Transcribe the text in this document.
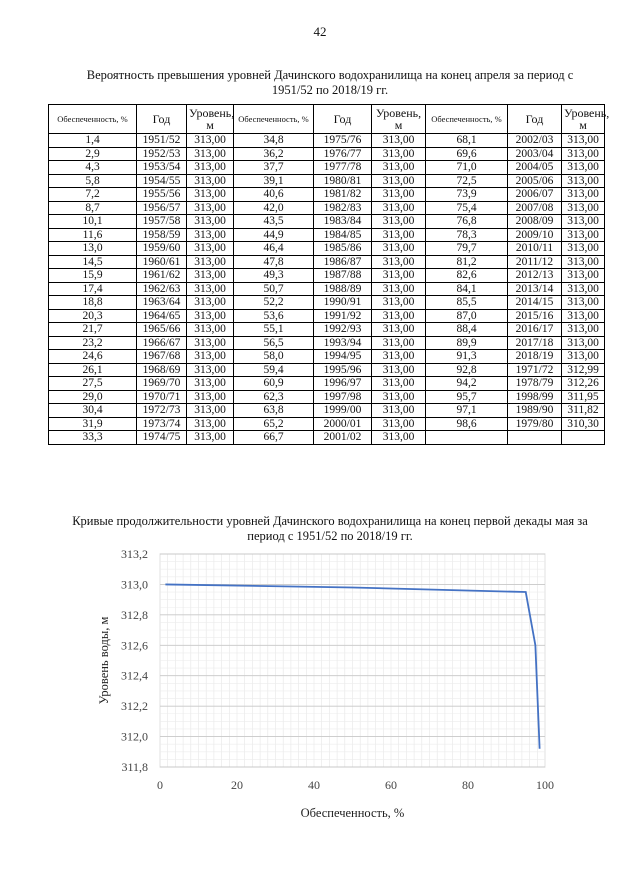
42
Вероятность превышения уровней Дачинского водохранилища на конец апреля за период с 1951/52 по 2018/19 гг.
Обеспеченность, %	Год	Уровень, м	Обеспеченность, %	Год	Уровень, м	Обеспеченность, %	Год	Уровень, м
1,4	1951/52	313,00	34,8	1975/76	313,00	68,1	2002/03	313,00
2,9	1952/53	313,00	36,2	1976/77	313,00	69,6	2003/04	313,00
4,3	1953/54	313,00	37,7	1977/78	313,00	71,0	2004/05	313,00
5,8	1954/55	313,00	39,1	1980/81	313,00	72,5	2005/06	313,00
7,2	1955/56	313,00	40,6	1981/82	313,00	73,9	2006/07	313,00
8,7	1956/57	313,00	42,0	1982/83	313,00	75,4	2007/08	313,00
10,1	1957/58	313,00	43,5	1983/84	313,00	76,8	2008/09	313,00
11,6	1958/59	313,00	44,9	1984/85	313,00	78,3	2009/10	313,00
13,0	1959/60	313,00	46,4	1985/86	313,00	79,7	2010/11	313,00
14,5	1960/61	313,00	47,8	1986/87	313,00	81,2	2011/12	313,00
15,9	1961/62	313,00	49,3	1987/88	313,00	82,6	2012/13	313,00
17,4	1962/63	313,00	50,7	1988/89	313,00	84,1	2013/14	313,00
18,8	1963/64	313,00	52,2	1990/91	313,00	85,5	2014/15	313,00
20,3	1964/65	313,00	53,6	1991/92	313,00	87,0	2015/16	313,00
21,7	1965/66	313,00	55,1	1992/93	313,00	88,4	2016/17	313,00
23,2	1966/67	313,00	56,5	1993/94	313,00	89,9	2017/18	313,00
24,6	1967/68	313,00	58,0	1994/95	313,00	91,3	2018/19	313,00
26,1	1968/69	313,00	59,4	1995/96	313,00	92,8	1971/72	312,99
27,5	1969/70	313,00	60,9	1996/97	313,00	94,2	1978/79	312,26
29,0	1970/71	313,00	62,3	1997/98	313,00	95,7	1998/99	311,95
30,4	1972/73	313,00	63,8	1999/00	313,00	97,1	1989/90	311,82
31,9	1973/74	313,00	65,2	2000/01	313,00	98,6	1979/80	310,30
33,3	1974/75	313,00	66,7	2001/02	313,00			
Кривые продолжительности уровней Дачинского водохранилища на конец первой декады мая за период с 1951/52 по 2018/19 гг.
311,8
312,0
312,2
312,4
312,6
312,8
313,0
313,2
0	20	40	60	80	100
Обеспеченность, %
Уровень воды, м
